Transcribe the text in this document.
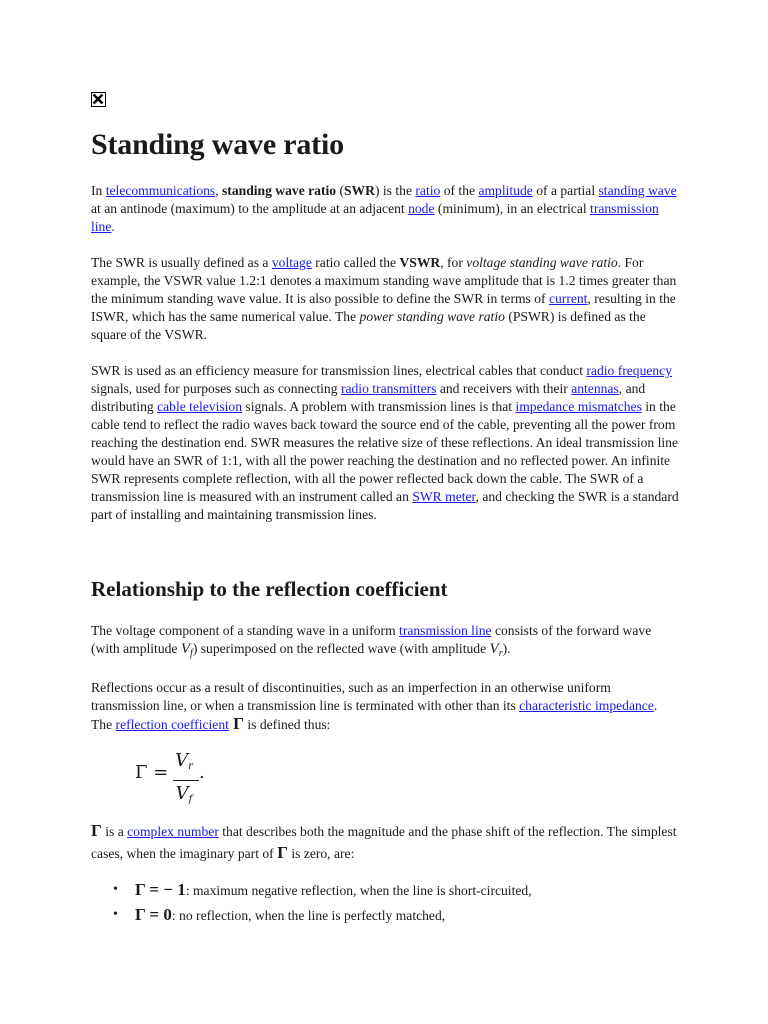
Standing wave ratio

In telecommunications, standing wave ratio (SWR) is the ratio of the amplitude of a partial standing wave at an antinode (maximum) to the amplitude at an adjacent node (minimum), in an electrical transmission line.

The SWR is usually defined as a voltage ratio called the VSWR, for voltage standing wave ratio. For example, the VSWR value 1.2:1 denotes a maximum standing wave amplitude that is 1.2 times greater than the minimum standing wave value. It is also possible to define the SWR in terms of current, resulting in the ISWR, which has the same numerical value. The power standing wave ratio (PSWR) is defined as the square of the VSWR.

SWR is used as an efficiency measure for transmission lines, electrical cables that conduct radio frequency signals, used for purposes such as connecting radio transmitters and receivers with their antennas, and distributing cable television signals. A problem with transmission lines is that impedance mismatches in the cable tend to reflect the radio waves back toward the source end of the cable, preventing all the power from reaching the destination end. SWR measures the relative size of these reflections. An ideal transmission line would have an SWR of 1:1, with all the power reaching the destination and no reflected power. An infinite SWR represents complete reflection, with all the power reflected back down the cable. The SWR of a transmission line is measured with an instrument called an SWR meter, and checking the SWR is a standard part of installing and maintaining transmission lines.

Relationship to the reflection coefficient

The voltage component of a standing wave in a uniform transmission line consists of the forward wave (with amplitude $V_f$) superimposed on the reflected wave (with amplitude $V_r$).

Reflections occur as a result of discontinuities, such as an imperfection in an otherwise uniform transmission line, or when a transmission line is terminated with other than its characteristic impedance. The reflection coefficient Γ is defined thus:

Γ =
$V_r$
$V_f$
.

Γ is a complex number that describes both the magnitude and the phase shift of the reflection. The simplest cases, when the imaginary part of Γ is zero, are:

• Γ = − 1: maximum negative reflection, when the line is short-circuited,
• Γ = 0: no reflection, when the line is perfectly matched,
